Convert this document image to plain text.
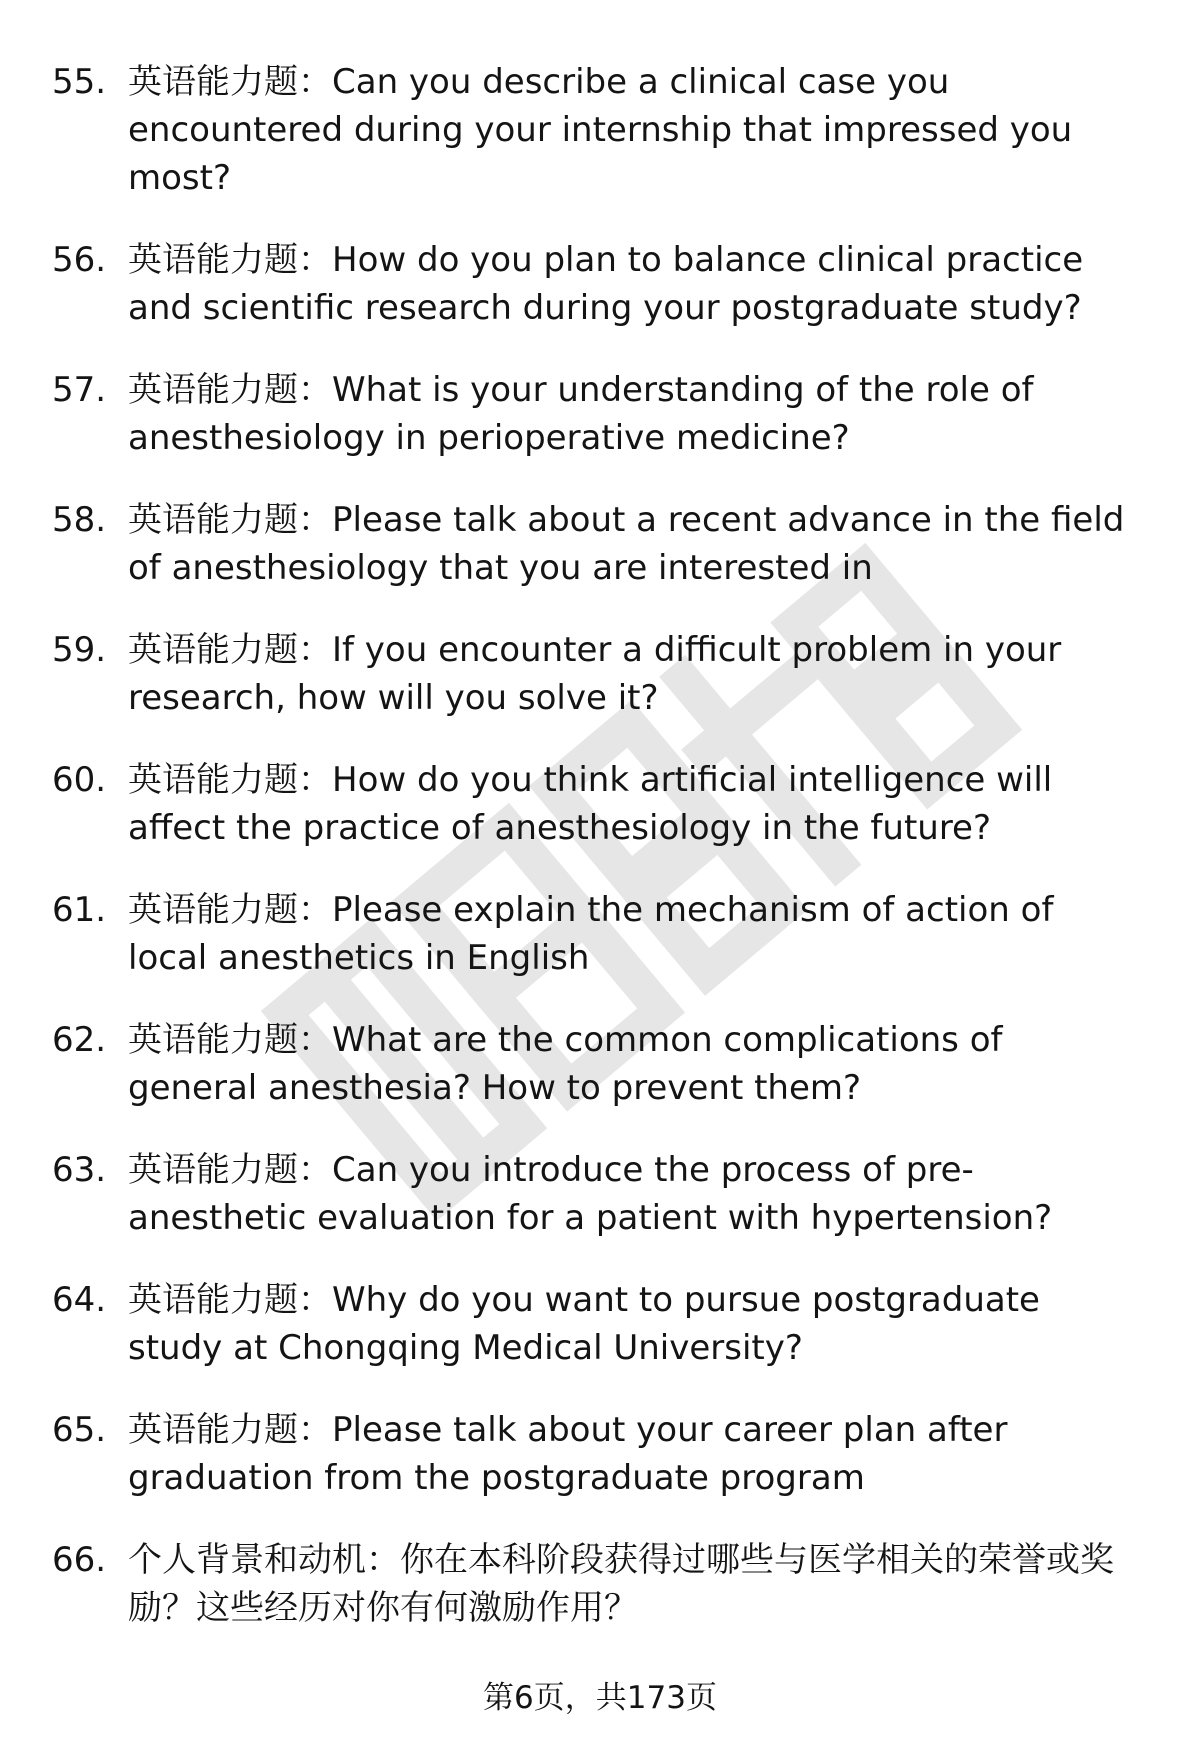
55. 英语能力题：Can you describe a clinical case you encountered during your internship that impressed you most?
56. 英语能力题：How do you plan to balance clinical practice and scientific research during your postgraduate study?
57. 英语能力题：What is your understanding of the role of anesthesiology in perioperative medicine?
58. 英语能力题：Please talk about a recent advance in the field of anesthesiology that you are interested in
59. 英语能力题：If you encounter a difficult problem in your research, how will you solve it?
60. 英语能力题：How do you think artificial intelligence will affect the practice of anesthesiology in the future?
61. 英语能力题：Please explain the mechanism of action of local anesthetics in English
62. 英语能力题：What are the common complications of general anesthesia? How to prevent them?
63. 英语能力题：Can you introduce the process of pre-anesthetic evaluation for a patient with hypertension?
64. 英语能力题：Why do you want to pursue postgraduate study at Chongqing Medical University?
65. 英语能力题：Please talk about your career plan after graduation from the postgraduate program
66. 个人背景和动机：你在本科阶段获得过哪些与医学相关的荣誉或奖励？这些经历对你有何激励作用？
第6页，共173页
